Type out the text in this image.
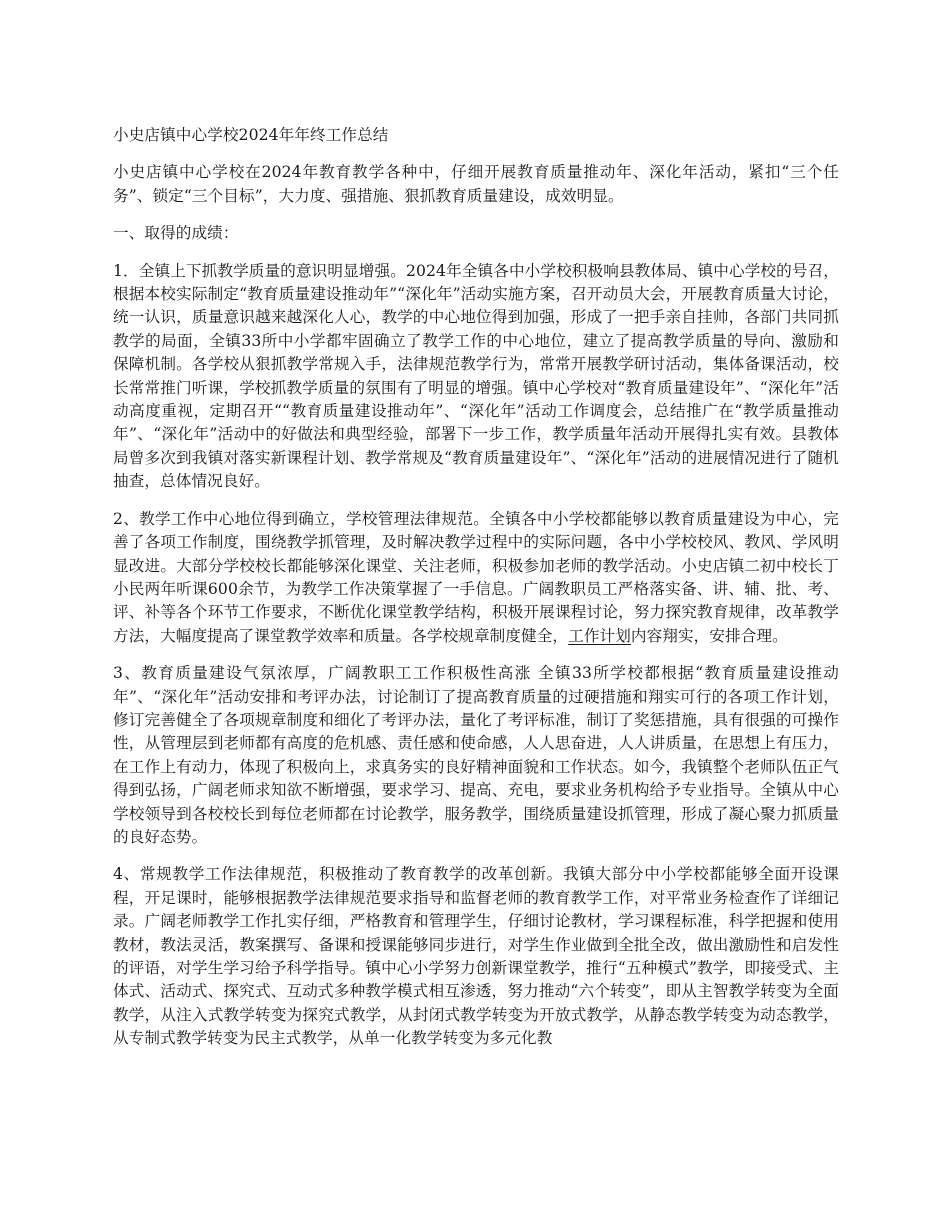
小史店镇中心学校2024年年终工作总结

小史店镇中心学校在2024年教育教学各种中，仔细开展教育质量推动年、深化年活动，紧扣“三个任务”、锁定“三个目标”，大力度、强措施、狠抓教育质量建设，成效明显。

一、取得的成绩：

1．全镇上下抓教学质量的意识明显增强。2024年全镇各中小学校积极响县教体局、镇中心学校的号召，根据本校实际制定“教育质量建设推动年”“深化年”活动实施方案，召开动员大会，开展教育质量大讨论，统一认识，质量意识越来越深化人心，教学的中心地位得到加强，形成了一把手亲自挂帅，各部门共同抓教学的局面，全镇33所中小学都牢固确立了教学工作的中心地位，建立了提高教学质量的导向、激励和保障机制。各学校从狠抓教学常规入手，法律规范教学行为，常常开展教学研讨活动，集体备课活动，校长常常推门听课，学校抓教学质量的氛围有了明显的增强。镇中心学校对“教育质量建设年”、“深化年”活动高度重视，定期召开““教育质量建设推动年”、“深化年”活动工作调度会，总结推广在“教学质量推动年”、“深化年”活动中的好做法和典型经验，部署下一步工作，教学质量年活动开展得扎实有效。县教体局曾多次到我镇对落实新课程计划、教学常规及“教育质量建设年”、“深化年”活动的进展情况进行了随机抽查，总体情况良好。

2、教学工作中心地位得到确立，学校管理法律规范。全镇各中小学校都能够以教育质量建设为中心，完善了各项工作制度，围绕教学抓管理，及时解决教学过程中的实际问题，各中小学校校风、教风、学风明显改进。大部分学校校长都能够深化课堂、关注老师，积极参加老师的教学活动。小史店镇二初中校长丁小民两年听课600余节，为教学工作决策掌握了一手信息。广阔教职员工严格落实备、讲、辅、批、考、评、补等各个环节工作要求，不断优化课堂教学结构，积极开展课程讨论，努力探究教育规律，改革教学方法，大幅度提高了课堂教学效率和质量。各学校规章制度健全，工作计划内容翔实，安排合理。

3、教育质量建设气氛浓厚，广阔教职工工作积极性高涨 全镇33所学校都根据“教育质量建设推动年”、“深化年”活动安排和考评办法，讨论制订了提高教育质量的过硬措施和翔实可行的各项工作计划，修订完善健全了各项规章制度和细化了考评办法，量化了考评标准，制订了奖惩措施，具有很强的可操作性，从管理层到老师都有高度的危机感、责任感和使命感，人人思奋进，人人讲质量，在思想上有压力，在工作上有动力，体现了积极向上，求真务实的良好精神面貌和工作状态。如今，我镇整个老师队伍正气得到弘扬，广阔老师求知欲不断增强，要求学习、提高、充电，要求业务机构给予专业指导。全镇从中心学校领导到各校校长到每位老师都在讨论教学，服务教学，围绕质量建设抓管理，形成了凝心聚力抓质量的良好态势。

4、常规教学工作法律规范，积极推动了教育教学的改革创新。我镇大部分中小学校都能够全面开设课程，开足课时，能够根据教学法律规范要求指导和监督老师的教育教学工作，对平常业务检查作了详细记录。广阔老师教学工作扎实仔细，严格教育和管理学生，仔细讨论教材，学习课程标准，科学把握和使用教材，教法灵活，教案撰写、备课和授课能够同步进行，对学生作业做到全批全改，做出激励性和启发性的评语，对学生学习给予科学指导。镇中心小学努力创新课堂教学，推行“五种模式”教学，即接受式、主体式、活动式、探究式、互动式多种教学模式相互渗透，努力推动“六个转变”，即从主智教学转变为全面教学，从注入式教学转变为探究式教学，从封闭式教学转变为开放式教学，从静态教学转变为动态教学，从专制式教学转变为民主式教学，从单一化教学转变为多元化教
